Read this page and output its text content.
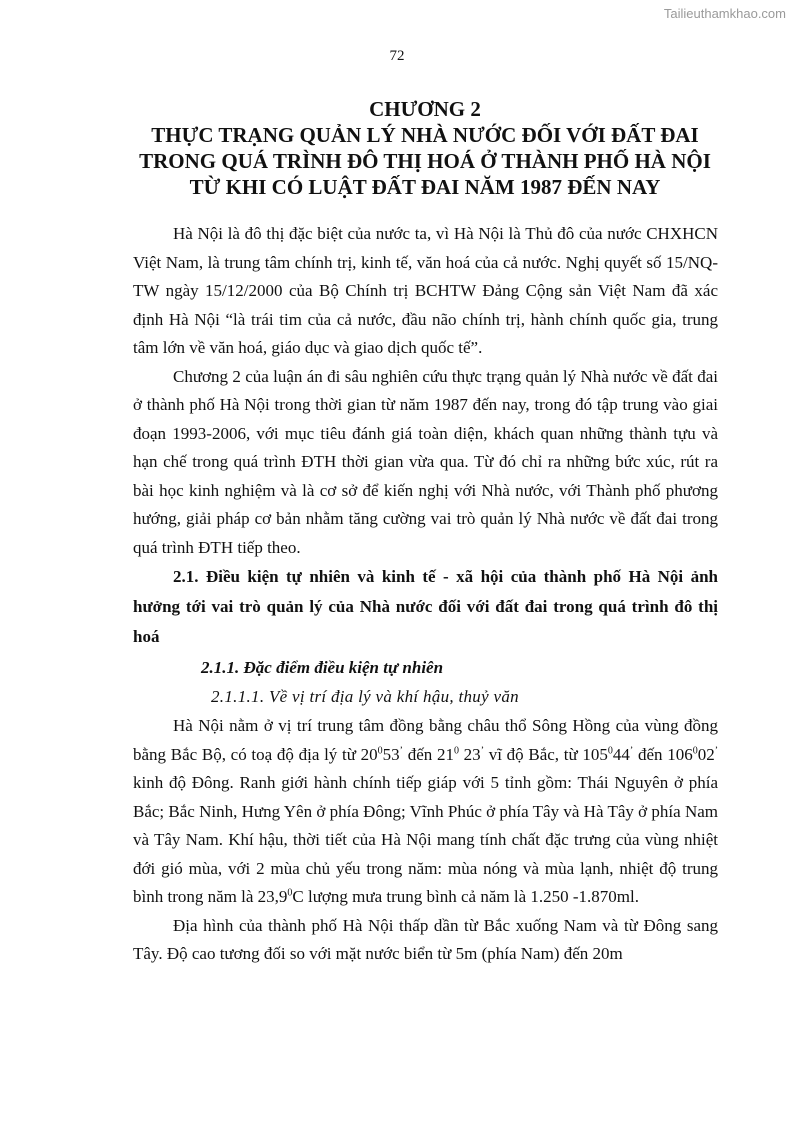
Tailieuthamkhao.com
72
CHƯƠNG 2
THỰC TRẠNG QUẢN LÝ NHÀ NƯỚC ĐỐI VỚI ĐẤT ĐAI
TRONG QUÁ TRÌNH ĐÔ THỊ HOÁ Ở THÀNH PHỐ HÀ NỘI
TỪ KHI CÓ LUẬT ĐẤT ĐAI NĂM 1987 ĐẾN NAY

Hà Nội là đô thị đặc biệt của nước ta, vì Hà Nội là Thủ đô của nước CHXHCN Việt Nam, là trung tâm chính trị, kinh tế, văn hoá của cả nước. Nghị quyết số 15/NQ-TW ngày 15/12/2000 của Bộ Chính trị BCHTW Đảng Cộng sản Việt Nam đã xác định Hà Nội “là trái tim của cả nước, đầu não chính trị, hành chính quốc gia, trung tâm lớn về văn hoá, giáo dục và giao dịch quốc tế”.

Chương 2 của luận án đi sâu nghiên cứu thực trạng quản lý Nhà nước về đất đai ở thành phố Hà Nội trong thời gian từ năm 1987 đến nay, trong đó tập trung vào giai đoạn 1993-2006, với mục tiêu đánh giá toàn diện, khách quan những thành tựu và hạn chế trong quá trình ĐTH thời gian vừa qua. Từ đó chỉ ra những bức xúc, rút ra bài học kinh nghiệm và là cơ sở để kiến nghị với Nhà nước, với Thành phố phương hướng, giải pháp cơ bản nhằm tăng cường vai trò quản lý Nhà nước về đất đai trong quá trình ĐTH tiếp theo.

2.1. Điều kiện tự nhiên và kinh tế - xã hội của thành phố Hà Nội ảnh hưởng tới vai trò quản lý của Nhà nước đối với đất đai trong quá trình đô thị hoá

2.1.1. Đặc điểm điều kiện tự nhiên

2.1.1.1. Về vị trí địa lý và khí hậu, thuỷ văn

Hà Nội nằm ở vị trí trung tâm đồng bằng châu thổ Sông Hồng của vùng đồng bằng Bắc Bộ, có toạ độ địa lý từ $20^053^’$ đến $21^0$ 23’ vĩ độ Bắc, từ $105^044^’$ đến $106^002^’$ kinh độ Đông. Ranh giới hành chính tiếp giáp với 5 tỉnh gồm: Thái Nguyên ở phía Bắc; Bắc Ninh, Hưng Yên ở phía Đông; Vĩnh Phúc ở phía Tây và Hà Tây ở phía Nam và Tây Nam. Khí hậu, thời tiết của Hà Nội mang tính chất đặc trưng của vùng nhiệt đới gió mùa, với 2 mùa chủ yếu trong năm: mùa nóng và mùa lạnh, nhiệt độ trung bình trong năm là 23,9$^0$C lượng mưa trung bình cả năm là 1.250 -1.870ml.

Địa hình của thành phố Hà Nội thấp dần từ Bắc xuống Nam và từ Đông sang Tây. Độ cao tương đối so với mặt nước biển từ 5m (phía Nam) đến 20m
